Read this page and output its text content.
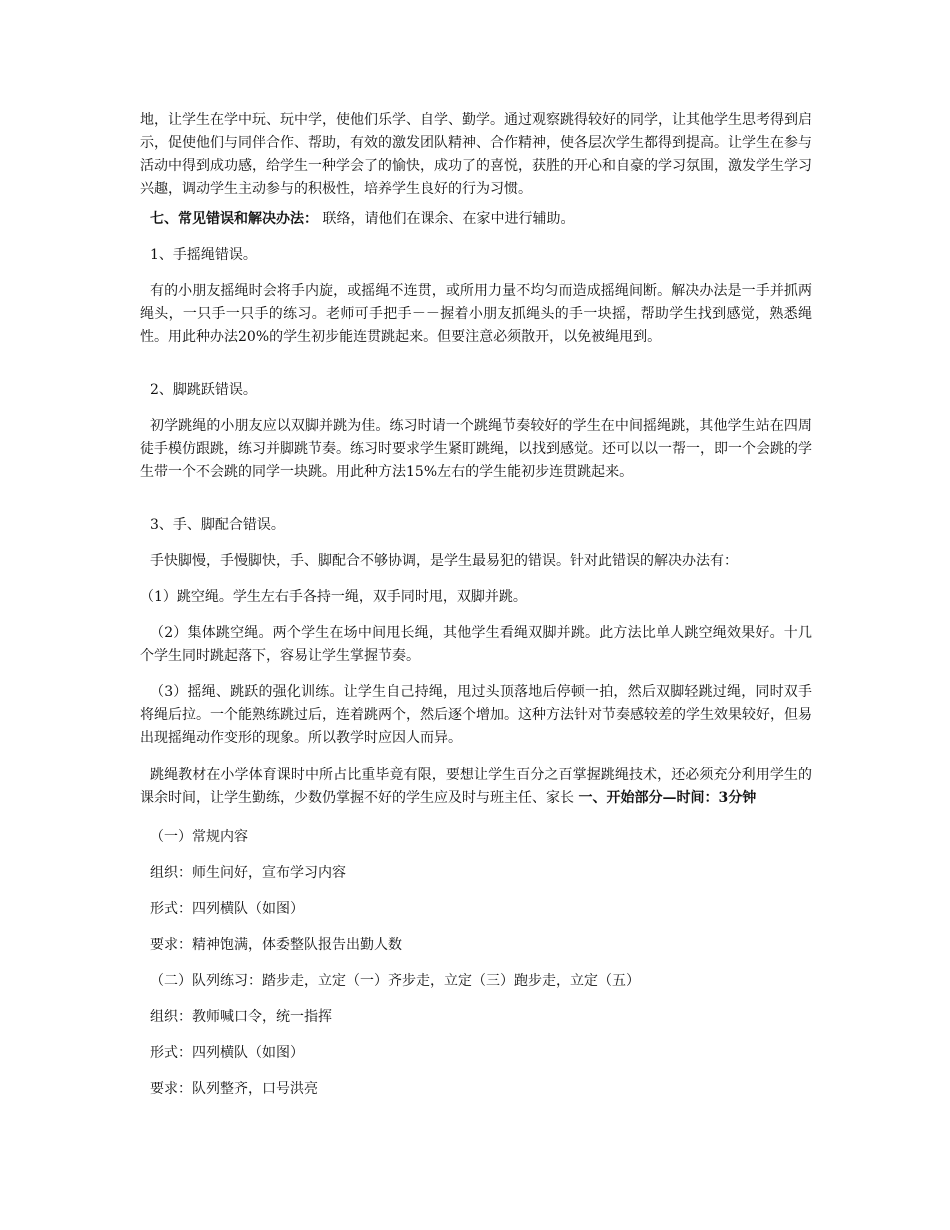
地，让学生在学中玩、玩中学，使他们乐学、自学、勤学。通过观察跳得较好的同学，让其他学生思考得到启示，促使他们与同伴合作、帮助，有效的激发团队精神、合作精神，使各层次学生都得到提高。让学生在参与活动中得到成功感，给学生一种学会了的愉快，成功了的喜悦，获胜的开心和自豪的学习氛围，激发学生学习兴趣，调动学生主动参与的积极性，培养学生良好的行为习惯。

七、常见错误和解决办法： 联络，请他们在课余、在家中进行辅助。

1、手摇绳错误。

有的小朋友摇绳时会将手内旋，或摇绳不连贯，或所用力量不均匀而造成摇绳间断。解决办法是一手并抓两绳头，一只手一只手的练习。老师可手把手－－握着小朋友抓绳头的手一块摇，帮助学生找到感觉，熟悉绳性。用此种办法20%的学生初步能连贯跳起来。但要注意必须散开，以免被绳甩到。

2、脚跳跃错误。

初学跳绳的小朋友应以双脚并跳为佳。练习时请一个跳绳节奏较好的学生在中间摇绳跳，其他学生站在四周徒手模仿跟跳，练习并脚跳节奏。练习时要求学生紧盯跳绳，以找到感觉。还可以以一帮一，即一个会跳的学生带一个不会跳的同学一块跳。用此种方法15%左右的学生能初步连贯跳起来。

3、手、脚配合错误。

手快脚慢，手慢脚快，手、脚配合不够协调，是学生最易犯的错误。针对此错误的解决办法有：

（1）跳空绳。学生左右手各持一绳，双手同时甩，双脚并跳。

（2）集体跳空绳。两个学生在场中间甩长绳，其他学生看绳双脚并跳。此方法比单人跳空绳效果好。十几个学生同时跳起落下，容易让学生掌握节奏。

（3）摇绳、跳跃的强化训练。让学生自己持绳，甩过头顶落地后停顿一拍，然后双脚轻跳过绳，同时双手将绳后拉。一个能熟练跳过后，连着跳两个，然后逐个增加。这种方法针对节奏感较差的学生效果较好，但易出现摇绳动作变形的现象。所以教学时应因人而异。

跳绳教材在小学体育课时中所占比重毕竟有限，要想让学生百分之百掌握跳绳技术，还必须充分利用学生的课余时间，让学生勤练，少数仍掌握不好的学生应及时与班主任、家长 一、开始部分—时间：3分钟

（一）常规内容

组织：师生问好，宣布学习内容

形式：四列横队（如图）

要求：精神饱满，体委整队报告出勤人数

（二）队列练习：踏步走，立定（一）齐步走，立定（三）跑步走，立定（五）

组织：教师喊口令，统一指挥

形式：四列横队（如图）

要求：队列整齐，口号洪亮
